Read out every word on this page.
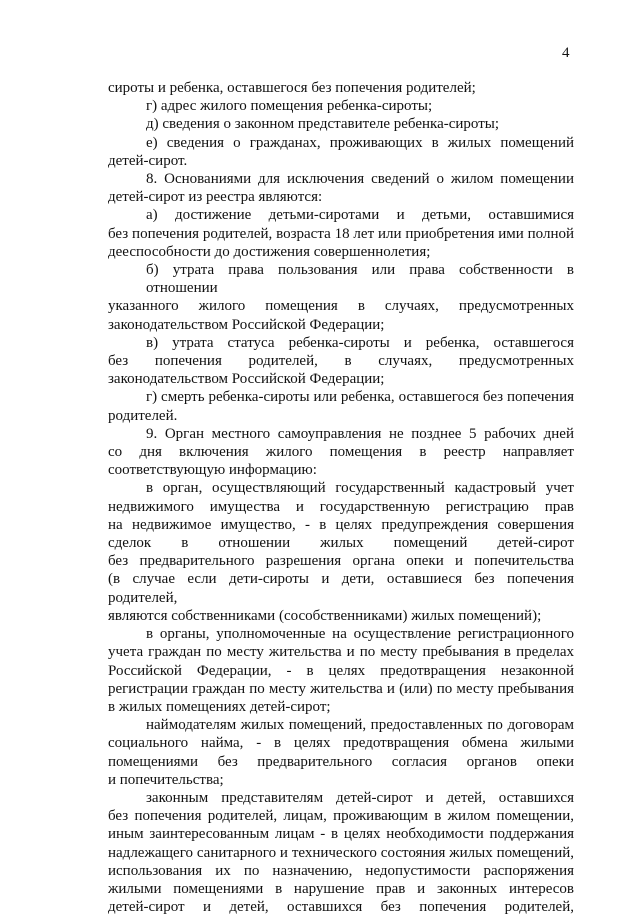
4
сироты и ребенка, оставшегося без попечения родителей;
г) адрес жилого помещения ребенка-сироты;
д) сведения о законном представителе ребенка-сироты;
е) сведения о гражданах, проживающих в жилых помещений
детей-сирот.
8. Основаниями для исключения сведений о жилом помещении
детей-сирот из реестра являются:
а) достижение детьми-сиротами и детьми, оставшимися
без попечения родителей, возраста 18 лет или приобретения ими полной
дееспособности до достижения совершеннолетия;
б) утрата права пользования или права собственности в отношении
указанного жилого помещения в случаях, предусмотренных
законодательством Российской Федерации;
в) утрата статуса ребенка-сироты и ребенка, оставшегося
без попечения родителей, в случаях, предусмотренных
законодательством Российской Федерации;
г) смерть ребенка-сироты или ребенка, оставшегося без попечения
родителей.
9. Орган местного самоуправления не позднее 5 рабочих дней
со дня включения жилого помещения в реестр направляет
соответствующую информацию:
в орган, осуществляющий государственный кадастровый учет
недвижимого имущества и государственную регистрацию прав
на недвижимое имущество, - в целях предупреждения совершения
сделок в отношении жилых помещений детей-сирот
без предварительного разрешения органа опеки и попечительства
(в случае если дети-сироты и дети, оставшиеся без попечения родителей,
являются собственниками (сособственниками) жилых помещений);
в органы, уполномоченные на осуществление регистрационного
учета граждан по месту жительства и по месту пребывания в пределах
Российской Федерации, - в целях предотвращения незаконной
регистрации граждан по месту жительства и (или) по месту пребывания
в жилых помещениях детей-сирот;
наймодателям жилых помещений, предоставленных по договорам
социального найма, - в целях предотвращения обмена жилыми
помещениями без предварительного согласия органов опеки
и попечительства;
законным представителям детей-сирот и детей, оставшихся
без попечения родителей, лицам, проживающим в жилом помещении,
иным заинтересованным лицам - в целях необходимости поддержания
надлежащего санитарного и технического состояния жилых помещений,
использования их по назначению, недопустимости распоряжения
жилыми помещениями в нарушение прав и законных интересов
детей-сирот и детей, оставшихся без попечения родителей,
